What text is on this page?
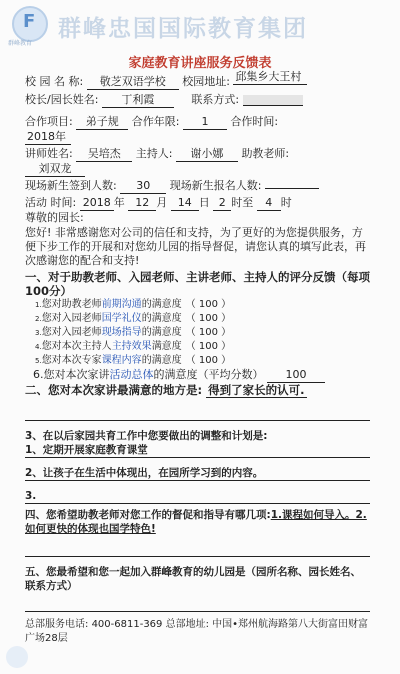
F
群峰教育
群峰忠国国际教育集团
家庭教育讲座服务反馈表
校 园 名 称: 敬芝双语学校 校园地址: 邱集乡大王村
校长/园长姓名: 丁利霞	联系方式:
合作项目: 弟子规 合作年限: 1 合作时间:
2018年
讲师姓名: 吴培杰 主持人: 谢小娜 助教老师:
刘双龙
现场新生签到人数: 30 现场新生报名人数:
活动 时间: 2018 年 12 月 14 日 2 时至 4 时
尊敬的园长:
您好! 非常感谢您对公司的信任和支持，为了更好的为您提供服务，方便下步工作的开展和对您幼儿园的指导督促，请您认真的填写此表，再次感谢您的配合和支持!
一、对于助教老师、入园老师、主讲老师、主持人的评分反馈（每项100分）
1.您对助教老师前期沟通的满意度 （ 100 ）
2.您对入园老师国学礼仪的满意度 （ 100 ）
3.您对入园老师现场指导的满意度 （ 100 ）
4.您对本次主持人主持效果满意度 （ 100 ）
5.您对本次专家课程内容的满意度 （ 100 ）
6.您对本次家讲活动总体的满意度（平均分数） 100
二、您对本次家讲最满意的地方是: 得到了家长的认可.
3、在以后家园共育工作中您要做出的调整和计划是:
1、定期开展家庭教育课堂
2、让孩子在生活中体现出，在园所学习到的内容。
3.
四、您希望助教老师对您工作的督促和指导有哪几项:1.课程如何导入。2.如何更快的体现也国学特色!
五、您最希望和您一起加入群峰教育的幼儿园是（园所名称、园长姓名、联系方式）
总部服务电话: 400-6811-369 总部地址: 中国•郑州航海路第八大街富田财富广场28层
